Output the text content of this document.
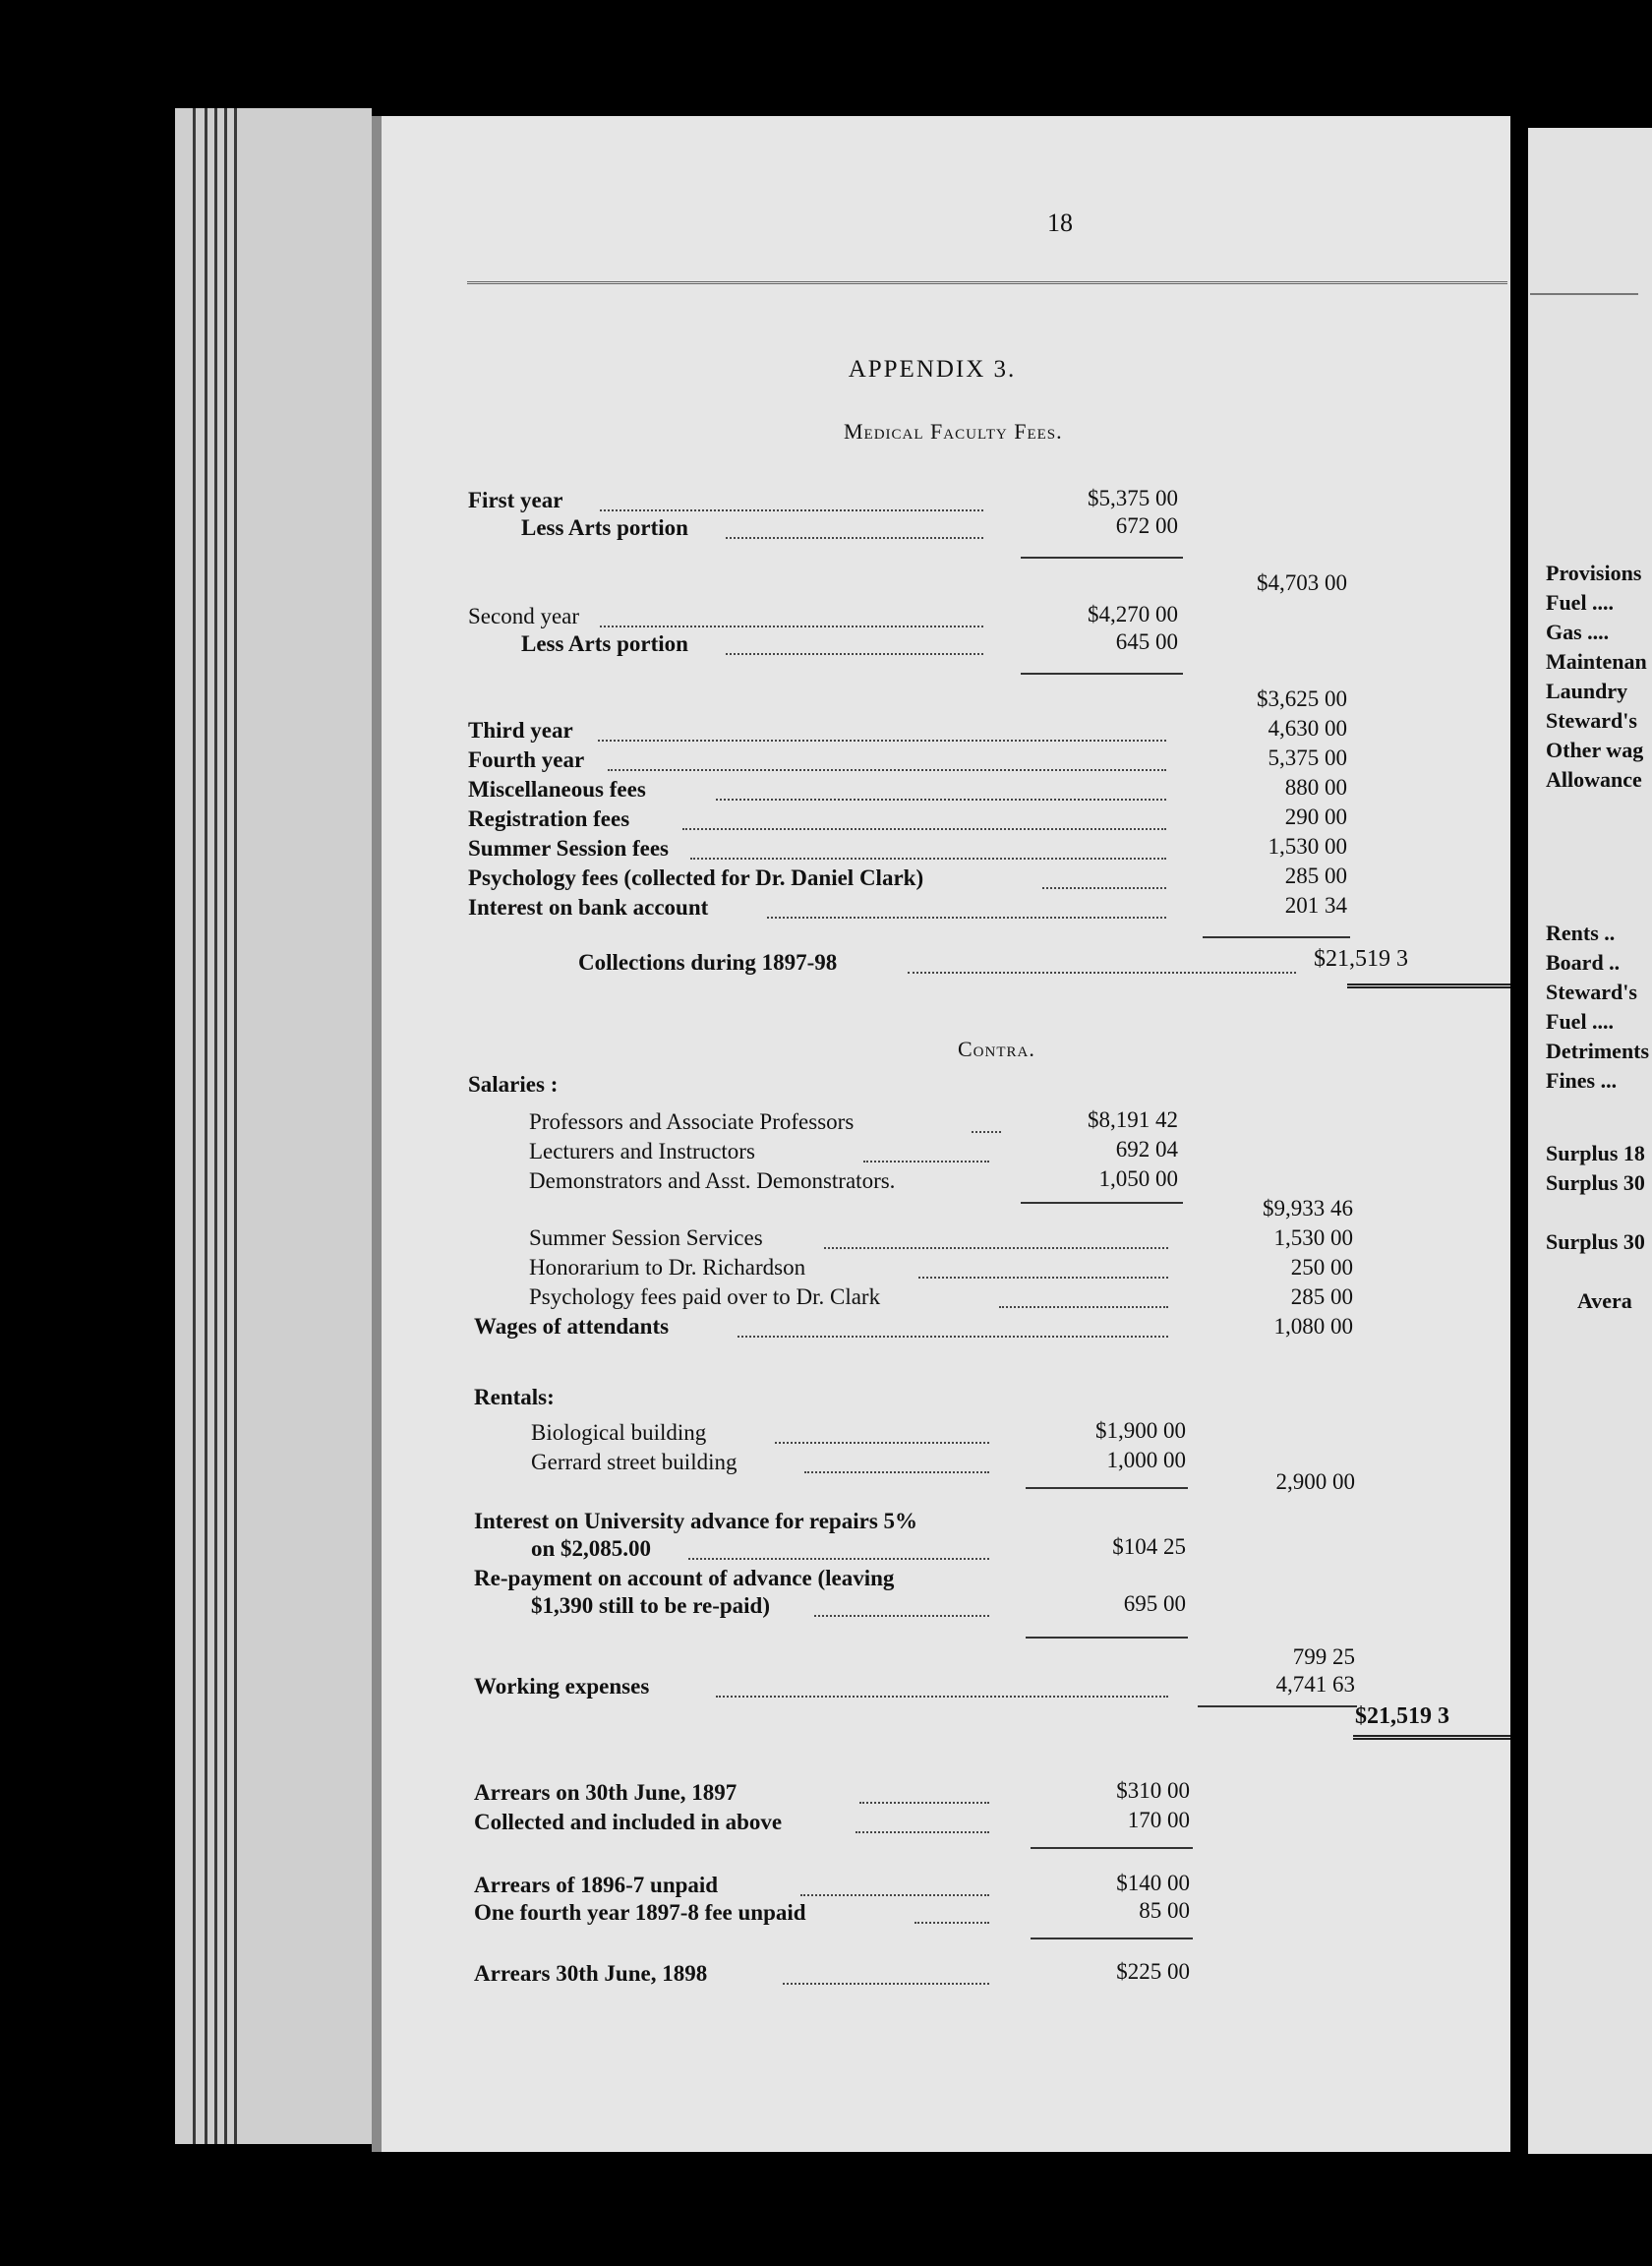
Provisions
Fuel ....
Gas ....
Maintenan
Laundry
Steward's
Other wag
Allowance
Rents ..
Board ..
Steward's
Fuel ....
Detriments
Fines ...
Surplus 18
Surplus 30
Surplus 30
Avera
18
APPENDIX 3.
Medical Faculty Fees.
First year	$5,375 00
Less Arts portion	672 00
$4,703 00
Second year	$4,270 00
Less Arts portion	645 00
$3,625 00
Third year	4,630 00
Fourth year	5,375 00
Miscellaneous fees	880 00
Registration fees	290 00
Summer Session fees	1,530 00
Psychology fees (collected for Dr. Daniel Clark)	285 00
Interest on bank account	201 34
Collections during 1897-98	$21,519 3
Contra.
Salaries :
Professors and Associate Professors	$8,191 42
Lecturers and Instructors	692 04
Demonstrators and Asst. Demonstrators.	1,050 00
$9,933 46
Summer Session Services	1,530 00
Honorarium to Dr. Richardson	250 00
Psychology fees paid over to Dr. Clark	285 00
Wages of attendants	1,080 00
Rentals:
Biological building	$1,900 00
Gerrard street building	1,000 00
2,900 00
Interest on University advance for repairs 5%
on $2,085.00	$104 25
Re-payment on account of advance (leaving
$1,390 still to be re-paid)	695 00
799 25
Working expenses	4,741 63
$21,519 3
Arrears on 30th June, 1897	$310 00
Collected and included in above	170 00
Arrears of 1896-7 unpaid	$140 00
One fourth year 1897-8 fee unpaid	85 00
Arrears 30th June, 1898	$225 00
